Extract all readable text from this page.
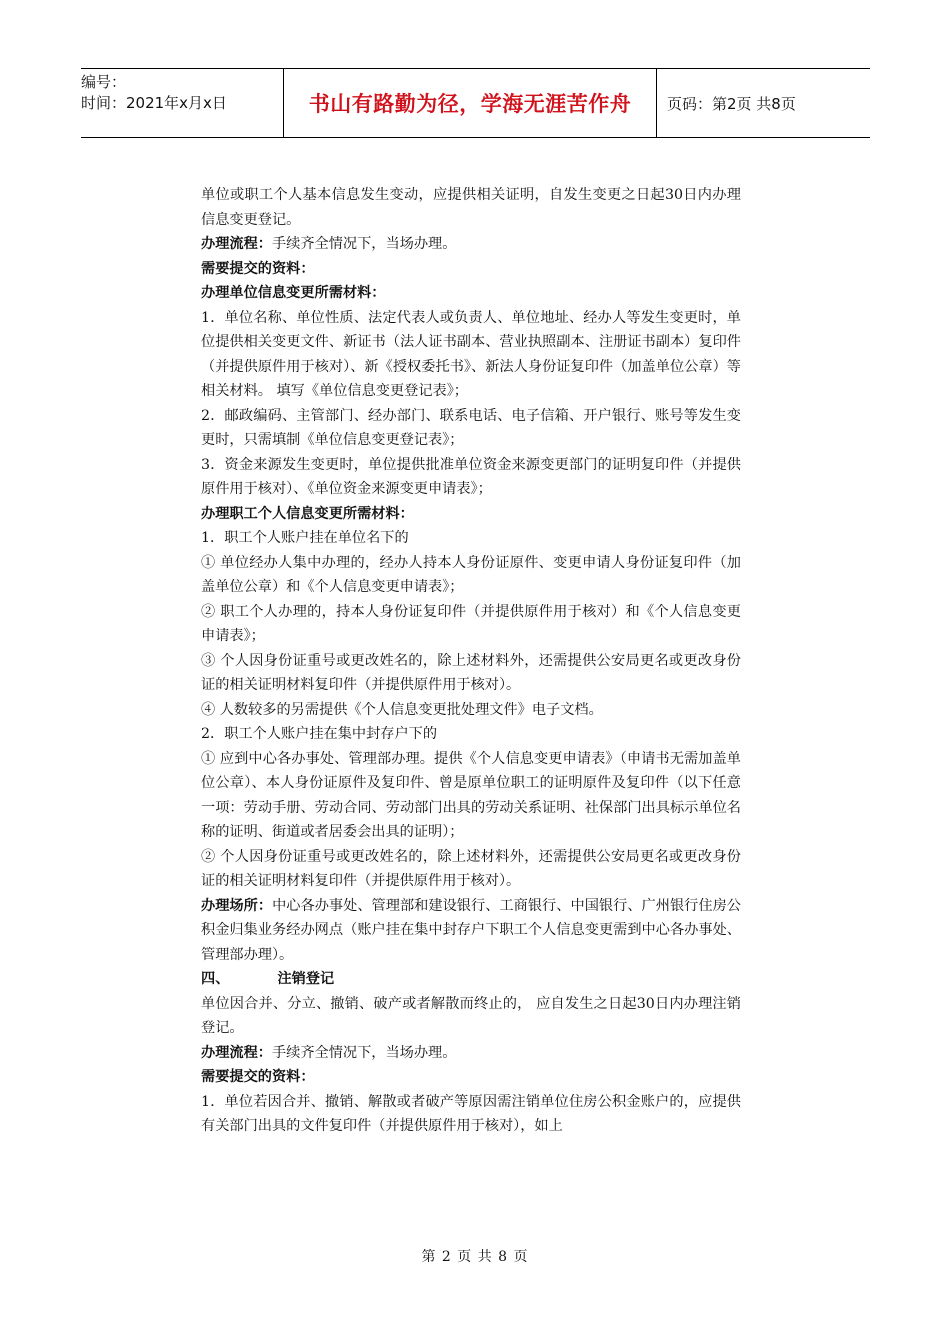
编号：
时间：2021年x月x日	书山有路勤为径，学海无涯苦作舟	页码：第2页 共8页

单位或职工个人基本信息发生变动，应提供相关证明，自发生变更之日起30日内办理信息变更登记。

办理流程：手续齐全情况下，当场办理。

需要提交的资料：

办理单位信息变更所需材料：

1．单位名称、单位性质、法定代表人或负责人、单位地址、经办人等发生变更时，单位提供相关变更文件、新证书（法人证书副本、营业执照副本、注册证书副本）复印件（并提供原件用于核对）、新《授权委托书》、新法人身份证复印件（加盖单位公章）等相关材料。 填写《单位信息变更登记表》；

2．邮政编码、主管部门、经办部门、联系电话、电子信箱、开户银行、账号等发生变更时，只需填制《单位信息变更登记表》；

3．资金来源发生变更时，单位提供批准单位资金来源变更部门的证明复印件（并提供原件用于核对）、《单位资金来源变更申请表》；

办理职工个人信息变更所需材料：

1．职工个人账户挂在单位名下的

① 单位经办人集中办理的，经办人持本人身份证原件、变更申请人身份证复印件（加盖单位公章）和《个人信息变更申请表》；

② 职工个人办理的，持本人身份证复印件（并提供原件用于核对）和《个人信息变更申请表》；

③ 个人因身份证重号或更改姓名的，除上述材料外，还需提供公安局更名或更改身份证的相关证明材料复印件（并提供原件用于核对）。

④ 人数较多的另需提供《个人信息变更批处理文件》电子文档。

2．职工个人账户挂在集中封存户下的

① 应到中心各办事处、管理部办理。提供《个人信息变更申请表》（申请书无需加盖单位公章）、本人身份证原件及复印件、曾是原单位职工的证明原件及复印件（以下任意一项：劳动手册、劳动合同、劳动部门出具的劳动关系证明、社保部门出具标示单位名称的证明、街道或者居委会出具的证明）；

② 个人因身份证重号或更改姓名的，除上述材料外，还需提供公安局更名或更改身份证的相关证明材料复印件（并提供原件用于核对）。

办理场所：中心各办事处、管理部和建设银行、工商银行、中国银行、广州银行住房公积金归集业务经办网点（账户挂在集中封存户下职工个人信息变更需到中心各办事处、管理部办理）。

四、	注销登记

单位因合并、分立、撤销、破产或者解散而终止的， 应自发生之日起30日内办理注销登记。

办理流程：手续齐全情况下，当场办理。

需要提交的资料：

1．单位若因合并、撤销、解散或者破产等原因需注销单位住房公积金账户的，应提供有关部门出具的文件复印件（并提供原件用于核对），如上

第 2 页 共 8 页
